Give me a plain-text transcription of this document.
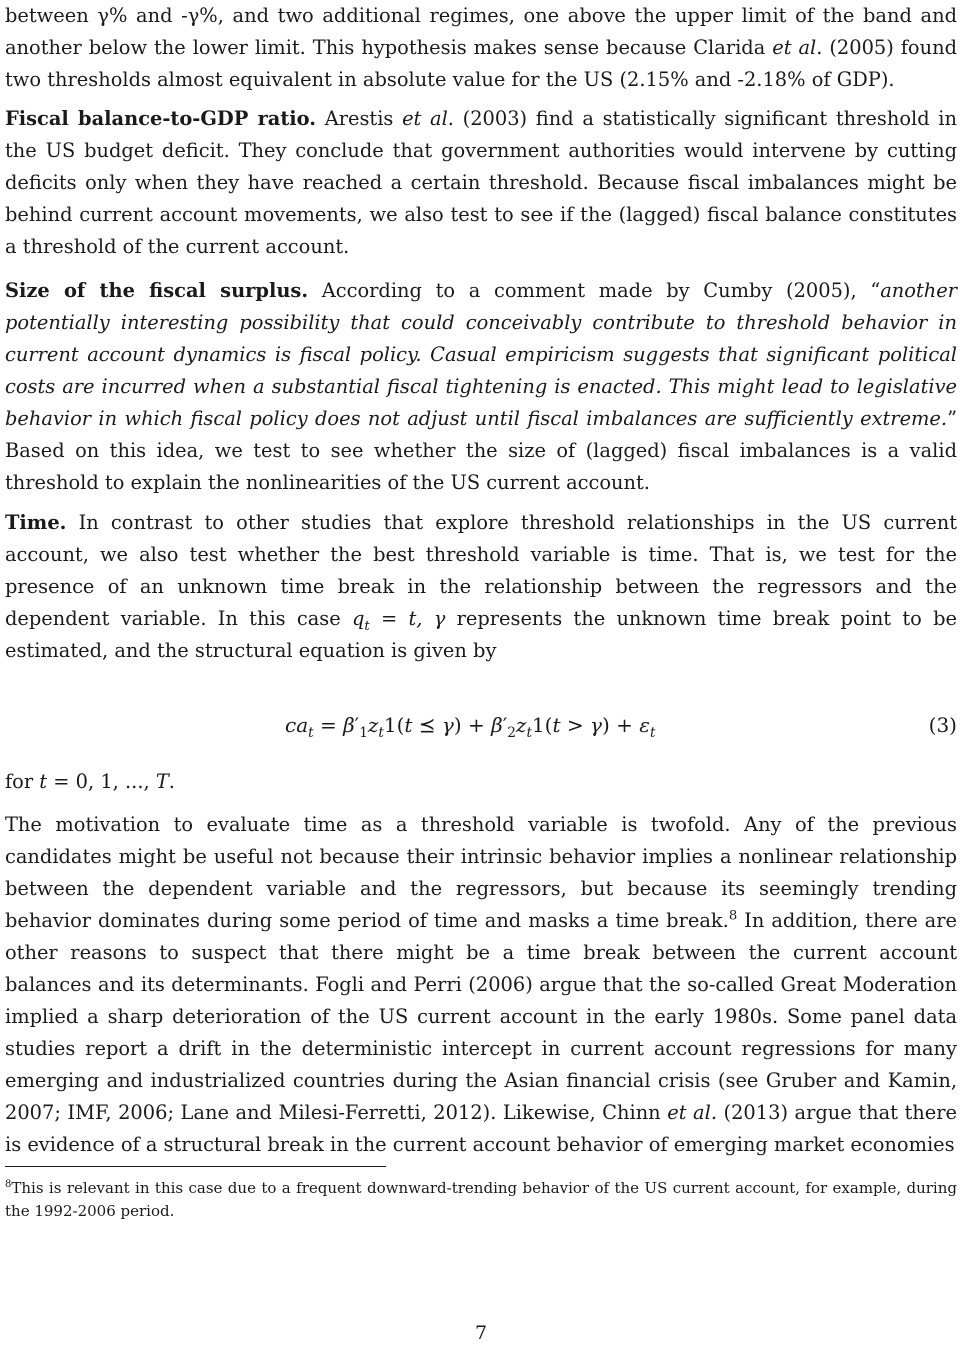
between γ% and -γ%, and two additional regimes, one above the upper limit of the band and another below the lower limit. This hypothesis makes sense because Clarida et al. (2005) found two thresholds almost equivalent in absolute value for the US (2.15% and -2.18% of GDP).

Fiscal balance-to-GDP ratio. Arestis et al. (2003) find a statistically significant threshold in the US budget deficit. They conclude that government authorities would intervene by cutting deficits only when they have reached a certain threshold. Because fiscal imbalances might be behind current account movements, we also test to see if the (lagged) fiscal balance constitutes a threshold of the current account.

Size of the fiscal surplus. According to a comment made by Cumby (2005), “another potentially interesting possibility that could conceivably contribute to threshold behavior in current account dynamics is fiscal policy. Casual empiricism suggests that significant political costs are incurred when a substantial fiscal tightening is enacted. This might lead to legislative behavior in which fiscal policy does not adjust until fiscal imbalances are sufficiently extreme.” Based on this idea, we test to see whether the size of (lagged) fiscal imbalances is a valid threshold to explain the nonlinearities of the US current account.

Time. In contrast to other studies that explore threshold relationships in the US current account, we also test whether the best threshold variable is time. That is, we test for the presence of an unknown time break in the relationship between the regressors and the dependent variable. In this case $q_t = t$, γ represents the unknown time break point to be estimated, and the structural equation is given by

$ca_t = \beta'_1z_t1(t$ ⪯ $\gamma) + \beta'_2z_t1(t > \gamma) + \varepsilon_t$	(3)

for t = 0, 1, ..., T.

The motivation to evaluate time as a threshold variable is twofold. Any of the previous candidates might be useful not because their intrinsic behavior implies a nonlinear relationship between the dependent variable and the regressors, but because its seemingly trending behavior dominates during some period of time and masks a time break.$^8$ In addition, there are other reasons to suspect that there might be a time break between the current account balances and its determinants. Fogli and Perri (2006) argue that the so-called Great Moderation implied a sharp deterioration of the US current account in the early 1980s. Some panel data studies report a drift in the deterministic intercept in current account regressions for many emerging and industrialized countries during the Asian financial crisis (see Gruber and Kamin, 2007; IMF, 2006; Lane and Milesi-Ferretti, 2012). Likewise, Chinn et al. (2013) argue that there is evidence of a structural break in the current account behavior of emerging market economies

$^8$This is relevant in this case due to a frequent downward-trending behavior of the US current account, for example, during the 1992-2006 period.

7
